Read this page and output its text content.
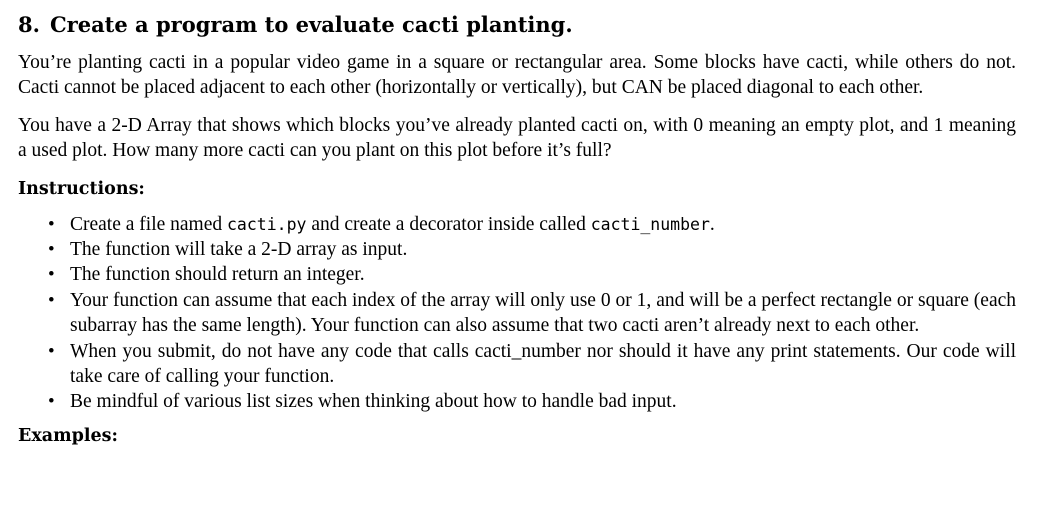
8. Create a program to evaluate cacti planting.

You’re planting cacti in a popular video game in a square or rectangular area. Some blocks have cacti, while others do not. Cacti cannot be placed adjacent to each other (horizontally or vertically), but CAN be placed diagonal to each other.

You have a 2-D Array that shows which blocks you’ve already planted cacti on, with 0 meaning an empty plot, and 1 meaning a used plot. How many more cacti can you plant on this plot before it’s full?

Instructions:
• Create a file named cacti.py and create a decorator inside called cacti_number.
• The function will take a 2-D array as input.
• The function should return an integer.
• Your function can assume that each index of the array will only use 0 or 1, and will be a perfect rectangle or square (each subarray has the same length). Your function can also assume that two cacti aren’t already next to each other.
• When you submit, do not have any code that calls cacti_number nor should it have any print statements. Our code will take care of calling your function.
• Be mindful of various list sizes when thinking about how to handle bad input.
Examples:
